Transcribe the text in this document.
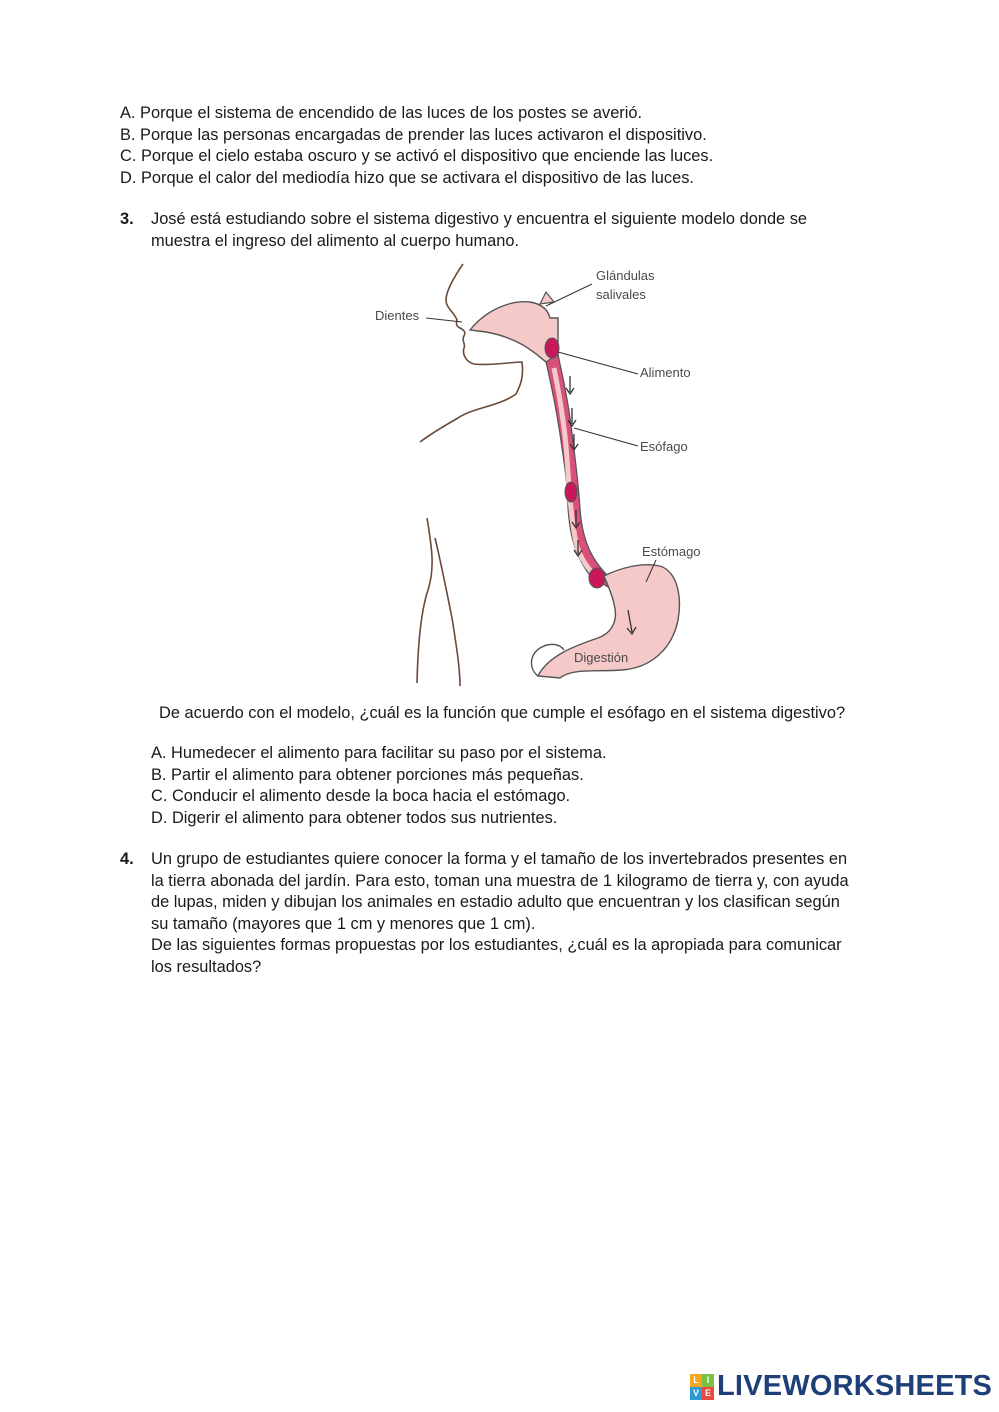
A. Porque el sistema de encendido de las luces de los postes se averió.
B. Porque las personas encargadas de prender las luces activaron el dispositivo.
C. Porque el cielo estaba oscuro y se activó el dispositivo que enciende las luces.
D. Porque el calor del mediodía hizo que se activara el dispositivo de las luces.
3. José está estudiando sobre el sistema digestivo y encuentra el siguiente modelo donde se
muestra el ingreso del alimento al cuerpo humano.
Glándulas
salivales
Dientes
Alimento
Esófago
Estómago
Digestión
De acuerdo con el modelo, ¿cuál es la función que cumple el esófago en el sistema digestivo?
A. Humedecer el alimento para facilitar su paso por el sistema.
B. Partir el alimento para obtener porciones más pequeñas.
C. Conducir el alimento desde la boca hacia el estómago.
D. Digerir el alimento para obtener todos sus nutrientes.
4. Un grupo de estudiantes quiere conocer la forma y el tamaño de los invertebrados presentes en
la tierra abonada del jardín. Para esto, toman una muestra de 1 kilogramo de tierra y, con ayuda
de lupas, miden y dibujan los animales en estadio adulto que encuentran y los clasifican según
su tamaño (mayores que 1 cm y menores que 1 cm).
De las siguientes formas propuestas por los estudiantes, ¿cuál es la apropiada para comunicar
los resultados?
L I
V E LIVEWORKSHEETS
